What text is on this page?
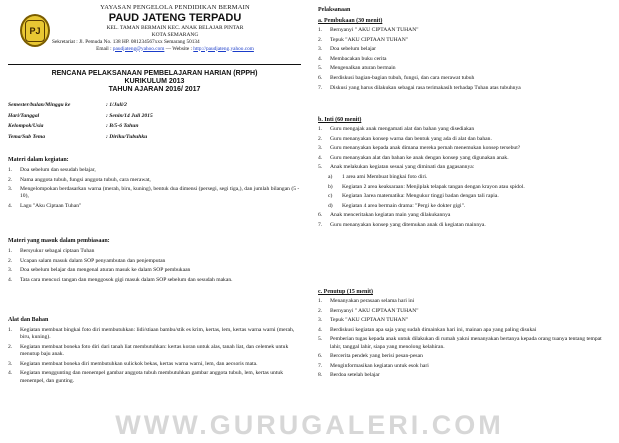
PJ
YAYASAN PENGELOLA PENDIDIKAN BERMAIN
PAUD JATENG TERPADU
KEL. TAMAN BERMAIN KEC. ANAK BELAJAR PINTAR
KOTA SEMARANG
Sekretariat : Jl. Pemuda No. 138 HP. 081234567xxx Semarang 50134
Email : paudjateng@yahoo.com — Website : http://paudjateng.yahoo.com
RENCANA PELAKSANAAN PEMBELAJARAN HARIAN (RPPH)
KURIKULUM 2013
TAHUN AJARAN 2016/ 2017
Semester/bulan/Minggu ke	: 1/Juli/2
Hari/Tanggal	: Senin/14 Juli 2015
Kelompok/Usia	: B/5-6 Tahun
Tema/Sub Tema	: Diriku/Tubuhku
Materi dalam kegiatan:
1. Doa sebelum dan sesudah belajar,
2. Nama anggota tubuh, fungsi anggota tubuh, cara merawat,
3. Mengelompokan berdasarkan warna (merah, biru, kuning), bentuk dua dimensi (persegi, segi tiga,), dan jumlah bilangan (5 - 10),
4. Lagu "Aku Ciptaan Tuhan"
Materi yang masuk dalam pembiasaan:
1. Bersyukur sebagai ciptaan Tuhan
2. Ucapan salam masuk dalam SOP penyambutan dan penjemputan
3. Doa sebelum belajar dan mengenal aturan masuk ke dalam SOP pembukaan
4. Tata cara mencuci tangan dan menggosok gigi masuk dalam SOP sebelum dan sesudah makan.
Alat dan Bahan
1. Kegiatan membuat bingkai foto diri membutuhkan: lidi/stiaan bambu/stik es krim, kertas, lem, kertas warna warni (merah, biru, kuning).
2. Kegiatan membuat boneka foto diri dari tanah liat membutuhkan: kertas koran untuk alas, tanah liat, dan celemek untuk menutup baju anak.
3. Kegiatan membuat boneka diri membutuhkan sulickok bekas, kertas warna warni, lem, dan aecsoris mata.
4. Kegiatan menggunting dan menempel gambar anggota tubuh membutuhkan gambar anggota tubuh, lem, kertas untuk menempel, dan gunting.
Pelaksanaan
a. Pembukaan (30 menit)
1. Bernyanyi " AKU CIPTAAN TUHAN"
2. Tepuk "AKU CIPTAAN TUHAN"
3. Doa sebelum belajar
4. Membacakan buku cerita
5. Mengenalkan aturan bermain
6. Berdiskusi bagian-bagian tubuh, fungsi, dan cara merawat tubuh
7. Diskusi yang harus dilakukan sebagai rasa terimakasih terhadap Tuhan atas tubuhnya
b. Inti (60 menit)
1. Guru mengajak anak mengamati alat dan bahan yang disediakan
2. Guru menanyakan konsep warna dan bentuk yang ada di alat dan bahan.
3. Guru menanyakan kepada anak dimana mereka pernah menemukan konsep tersebut?
4. Guru menanyakan alat dan bahan ke anak dengan konsep yang digunakan anak.
5. Anak melakukan kegiatan sesuai yang diminati dan gagasannya:
a) 1 area ami Membuat bingkai foto diri.
b) Kegiatan 2 area keaksaraan: Menjiplak telapak tangan dengan krayon atau spidol.
c) Kegiatan 3area matematika: Mengukur tinggi badan dengan tali rapia.
d) Kegiatan 4 area bermain drama: "Pergi ke dokter gigi".
6. Anak menceritakan kegiatan main yang dilakukannya
7. Guru menanyakan konsep yang ditemukan anak di kegiatan mainnya.
c. Penutup (15 menit)
1. Menanyakan perasaan selama hari ini
2. Bernyanyi " AKU CIPTAAN TUHAN"
3. Tepuk "AKU CIPTAAN TUHAN"
4. Berdiskusi kegiatan apa saja yang sudah dimainkan hari ini, mainan apa yang paling disukai
5. Pemberian tugas kepada anak untuk dilakukan di rumah yakni menanyakan bertanya kepada orang tuanya tentang tempat lahir, tanggal lahir, siapa yang menolong kelahiran.
6. Bercerita pendek yang berisi pesan-pesan
7. Menginformasikan kegiatan untuk esok hari
8. Berdoa setelah belajar
WWW.GURUGALERI.COM
